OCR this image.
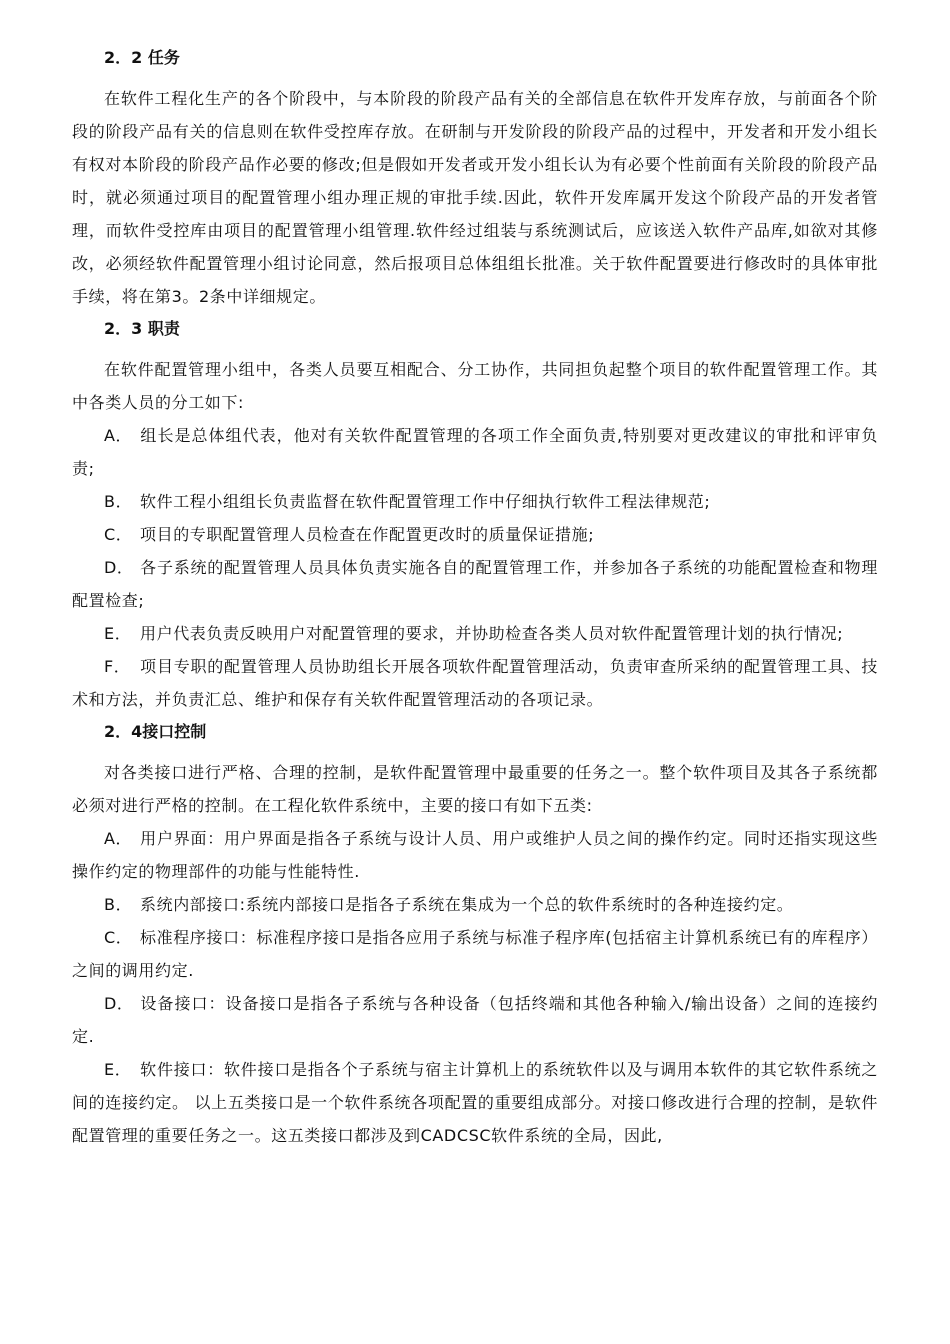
2．2 任务

在软件工程化生产的各个阶段中，与本阶段的阶段产品有关的全部信息在软件开发库存放，与前面各个阶段的阶段产品有关的信息则在软件受控库存放。在研制与开发阶段的阶段产品的过程中，开发者和开发小组长有权对本阶段的阶段产品作必要的修改;但是假如开发者或开发小组长认为有必要个性前面有关阶段的阶段产品时，就必须通过项目的配置管理小组办理正规的审批手续.因此，软件开发库属开发这个阶段产品的开发者管理，而软件受控库由项目的配置管理小组管理.软件经过组装与系统测试后，应该送入软件产品库,如欲对其修改，必须经软件配置管理小组讨论同意，然后报项目总体组组长批准。关于软件配置要进行修改时的具体审批手续，将在第3。2条中详细规定。

2．3 职责

在软件配置管理小组中，各类人员要互相配合、分工协作，共同担负起整个项目的软件配置管理工作。其中各类人员的分工如下:

A． 组长是总体组代表，他对有关软件配置管理的各项工作全面负责,特别要对更改建议的审批和评审负责;

B． 软件工程小组组长负责监督在软件配置管理工作中仔细执行软件工程法律规范;

C． 项目的专职配置管理人员检查在作配置更改时的质量保证措施;

D． 各子系统的配置管理人员具体负责实施各自的配置管理工作，并参加各子系统的功能配置检查和物理配置检查;

E． 用户代表负责反映用户对配置管理的要求，并协助检查各类人员对软件配置管理计划的执行情况;

F． 项目专职的配置管理人员协助组长开展各项软件配置管理活动，负责审查所采纳的配置管理工具、技术和方法，并负责汇总、维护和保存有关软件配置管理活动的各项记录。

2．4接口控制

对各类接口进行严格、合理的控制，是软件配置管理中最重要的任务之一。整个软件项目及其各子系统都必须对进行严格的控制。在工程化软件系统中，主要的接口有如下五类:

A． 用户界面：用户界面是指各子系统与设计人员、用户或维护人员之间的操作约定。同时还指实现这些操作约定的物理部件的功能与性能特性.

B． 系统内部接口:系统内部接口是指各子系统在集成为一个总的软件系统时的各种连接约定。

C． 标准程序接口：标准程序接口是指各应用子系统与标准子程序库(包括宿主计算机系统已有的库程序）之间的调用约定.

D． 设备接口：设备接口是指各子系统与各种设备（包括终端和其他各种输入/输出设备）之间的连接约定.

E． 软件接口：软件接口是指各个子系统与宿主计算机上的系统软件以及与调用本软件的其它软件系统之间的连接约定。 以上五类接口是一个软件系统各项配置的重要组成部分。对接口修改进行合理的控制，是软件配置管理的重要任务之一。这五类接口都涉及到CADCSC软件系统的全局，因此,
